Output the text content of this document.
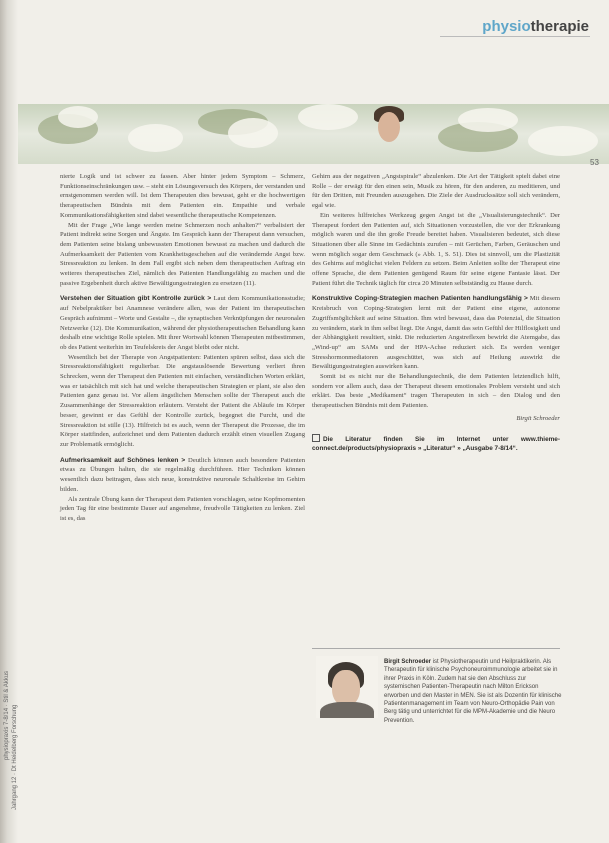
physiotherapie
53

nierte Logik und ist schwer zu fassen. Aber hinter jedem Symptom – Schmerz, Funktionseinschränkungen usw. – steht ein Lösungsversuch des Körpers, der verstanden und ernstgenommen werden will. Ist dem Therapeuten dies bewusst, geht er die hochwertigen therapeutischen Bündnis mit dem Patienten ein. Empathie und verbale Kommunikationsfähigkeiten sind dabei wesentliche therapeutische Kompetenzen.

Mit der Frage „Wie lange werden meine Schmerzen noch anhalten?“ verbalisiert der Patient indirekt seine Sorgen und Ängste. Im Gespräch kann der Therapeut dann versuchen, dem Patienten seine bislang unbewussten Emotionen bewusst zu machen und dadurch die Aufmerksamkeit der Patienten vom Krankheitsgeschehen auf die verändernde Angst bzw. Stressreaktion zu lenken. In dem Fall ergibt sich neben dem therapeutischen Auftrag ein weiteres therapeutisches Ziel, nämlich des Patienten Handlungsfähig zu machen und die passive Ergebenheit durch aktive Bewältigungsstrategien zu ersetzen (11).

Verstehen der Situation gibt Kontrolle zurück > Laut dem Kommunikationsstudie; auf Nebelpraktiker bei Anamnese verändere allen, was der Patient im therapeutischen Gespräch aufnimmt – Worte und Gestalte –, die synaptischen Verknüpfungen der neuronalen Netzwerke (12). Die Kommunikation, während der physiotherapeutischen Behandlung kann deshalb eine wichtige Rolle spielen. Mit ihrer Wortwahl können Therapeuten mitbestimmen, ob des Patient weiterhin im Teufelskreis der Angst bleibt oder nicht.

Wesentlich bei der Therapie von Angstpatienten: Patienten spüren selbst, dass sich die Stressreaktionsfähigkeit regulierbar. Die angstauslösende Bewertung verliert ihren Schrecken, wenn der Therapeut den Patienten mit einfachen, verständlichen Worten erklärt, was er tatsächlich mit sich hat und welche therapeutischen Strategien er plant, sie also den Patienten ganz genau ist. Vor allem ängstlichen Menschen sollte der Therapeut auch die Zusammenhänge der Stressreaktion erläutern. Versteht der Patient die Abläufe im Körper besser, gewinnt er das Gefühl der Kontrolle zurück, begegnet die Furcht, und die Stressreaktion ist stille (13). Hilfreich ist es auch, wenn der Therapeut die Prozesse, die im Körper stattfinden, aufzeichnet und dem Patienten dadurch erzählt einen visuellen Zugang zur Problematik ermöglicht.

Aufmerksamkeit auf Schönes lenken > Deutlich können auch besondere Patienten etwas zu Übungen halten, die sie regelmäßig durchführen. Hier Techniken können wesentlich dazu beitragen, dass sich neue, konstruktive neuronale Schaltkreise im Gehirn bilden.

Als zentrale Übung kann der Therapeut dem Patienten vorschlagen, seine Kopfmomenten jeden Tag für eine bestimmte Dauer auf angenehme, freudvolle Tätigkeiten zu lenken. Ziel ist es, das

Gehirn aus der negativen „Angstspirale“ abzulenken. Die Art der Tätigkeit spielt dabei eine Rolle – der erwägt für den einen sein, Musik zu hören, für den anderen, zu meditieren, und für den Dritten, mit Freunden auszugehen. Die Ziele der Ausdruckssätze soll sich verändern, egal wie.

Ein weiteres hilfreiches Werkzeug gegen Angst ist die „Visualisierungstechnik“. Der Therapeut fordert den Patienten auf, sich Situationen vorzustellen, die vor der Erkrankung möglich waren und die ihn große Freude bereitet haben. Visualisieren bedeutet, sich diese Situationen über alle Sinne im Gedächtnis zurufen – mit Gerüchen, Farben, Geräuschen und wenn möglich sogar dem Geschmack (» Abb. 1, S. 51). Dies ist sinnvoll, um die Plastizität des Gehirns auf möglichst vielen Feldern zu setzen. Beim Anleiten sollte der Therapeut eine offene Sprache, die dem Patienten genügend Raum für seine eigene Fantasie lässt. Der Patient führt die Technik täglich für circa 20 Minuten selbstständig zu Hause durch.

Konstruktive Coping-Strategien machen Patienten handlungsfähig > Mit diesem Kreisbruch von Coping-Strategien lernt mit der Patient eine eigene, autonome Zugriffsmöglichkeit auf seine Situation. Ihm wird bewusst, dass das Potenzial, die Situation zu verändern, stark in ihm selbst liegt. Die Angst, damit das sein Gefühl der Hilflosigkeit und der Abhängigkeit resultiert, sinkt. Die reduzierten Angstreflexen bewirkt die Atemgabe, das „Wind-up“ am SAMs und der HPA-Achse reduziert sich. Es werden weniger Stresshormonmediatoren ausgeschüttet, was sich auf Heilung auswirkt die Bewältigungsstrategien auswirken kann.

Somit ist es nicht nur die Behandlungstechnik, die dem Patienten letztendlich hilft, sondern vor allem auch, dass der Therapeut diesem emotionales Problem versteht und sich erklärt. Das beste „Medikament“ tragen Therapeuten in sich – den Dialog und den therapeutischen Bündnis mit dem Patienten.

Birgit Schroeder
Die Literatur finden Sie im Internet unter www.thieme-connect.de/products/physiopraxis » „Literatur“ » „Ausgabe 7-8/14“.
Birgit Schroeder ist Physiotherapeutin und Heilpraktikerin. Als Therapeutin für klinische Psychoneuroimmunologie arbeitet sie in ihrer Praxis in Köln. Zudem hat sie den Abschluss zur systemischen Patienten-Therapeutin nach Milton Erickson erworben und den Master in MEN. Sie ist als Dozentin für klinische Patientenmanagement im Team von Neuro-Orthopädie Pain von Berg tätig und unterrichtet für die MPM-Akademie und die Neuro Prevention.
physiopraxis 7-8/14 · Stil & Akkus Jahrgang 12 · Dt Heidelberg Forschung
